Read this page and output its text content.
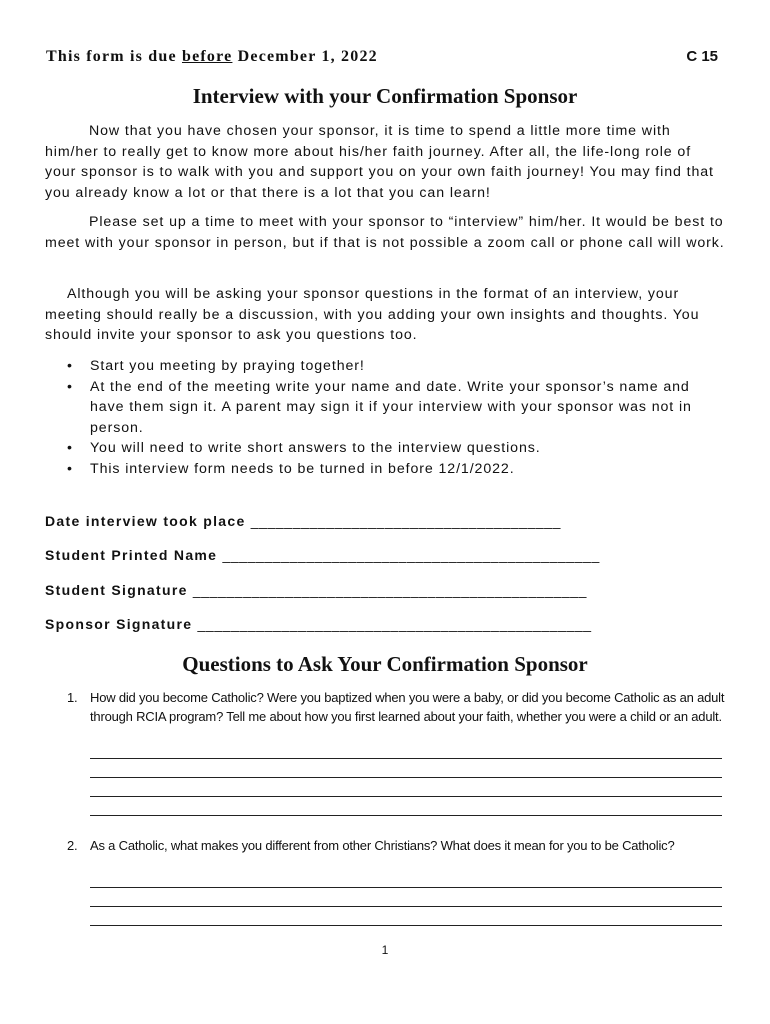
This form is due before December 1, 2022	C 15
Interview with your Confirmation Sponsor
Now that you have chosen your sponsor, it is time to spend a little more time with him/her to really get to know more about his/her faith journey. After all, the life-long role of your sponsor is to walk with you and support you on your own faith journey! You may find that you already know a lot or that there is a lot that you can learn!
Please set up a time to meet with your sponsor to “interview” him/her. It would be best to meet with your sponsor in person, but if that is not possible a zoom call or phone call will work.
Although you will be asking your sponsor questions in the format of an interview, your meeting should really be a discussion, with you adding your own insights and thoughts. You should invite your sponsor to ask you questions too.
• Start you meeting by praying together!
• At the end of the meeting write your name and date. Write your sponsor’s name and have them sign it. A parent may sign it if your interview with your sponsor was not in person.
• You will need to write short answers to the interview questions.
• This interview form needs to be turned in before 12/1/2022.
Date interview took place _____________________________________
Student Printed Name _____________________________________________
Student Signature _______________________________________________
Sponsor Signature _______________________________________________
Questions to Ask Your Confirmation Sponsor
1. How did you become Catholic? Were you baptized when you were a baby, or did you become Catholic as an adult through RCIA program? Tell me about how you first learned about your faith, whether you were a child or an adult.
2. As a Catholic, what makes you different from other Christians? What does it mean for you to be Catholic?
1
